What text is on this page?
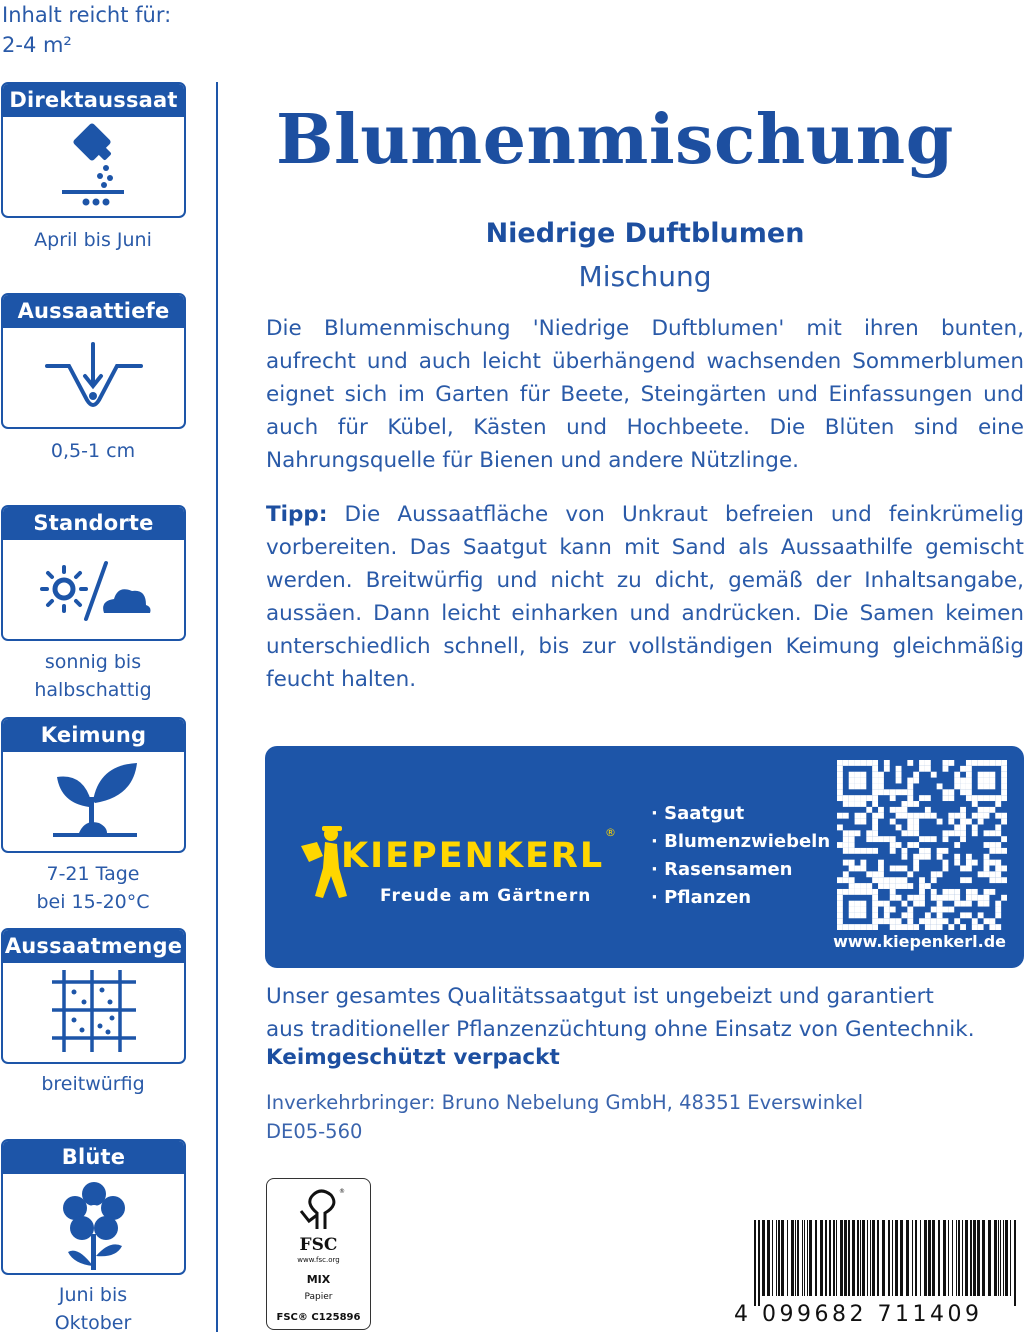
Inhalt reicht für:
2-4 m²
Direktaussaat
April bis Juni
Aussaattiefe
0,5-1 cm
Standorte
sonnig bis
halbschattig
Keimung
7-21 Tage
bei 15-20°C
Aussaatmenge
breitwürfig
Blüte
Juni bis
Oktober
Blumenmischung
Niedrige Duftblumen
Mischung

Die Blumenmischung 'Niedrige Duftblumen' mit ihren bunten, aufrecht und auch leicht überhängend wachsenden Sommerblumen eignet sich im Garten für Beete, Steingärten und Einfassungen und auch für Kübel, Kästen und Hochbeete. Die Blüten sind eine Nahrungsquelle für Bienen und andere Nützlinge.

Tipp: Die Aussaatfläche von Unkraut befreien und feinkrümelig vorbereiten. Das Saatgut kann mit Sand als Aussaathilfe gemischt werden. Breitwürfig und nicht zu dicht, gemäß der Inhaltsangabe, aussäen. Dann leicht einharken und andrücken. Die Samen keimen unterschiedlich schnell, bis zur vollständigen Keimung gleichmäßig feucht halten.

KIEPENKERL
®
Freude am Gärtnern
· Saatgut
· Blumenzwiebeln
· Rasensamen
· Pflanzen
www.kiepenkerl.de
Unser gesamtes Qualitätssaatgut ist ungebeizt und garantiert
aus traditioneller Pflanzenzüchtung ohne Einsatz von Gentechnik.
Keimgeschützt verpackt
Inverkehrbringer: Bruno Nebelung GmbH, 48351 Everswinkel
DE05-560
®
FSC
www.fsc.org
MIX
Papier
FSC® C125896	4 099682 711409
